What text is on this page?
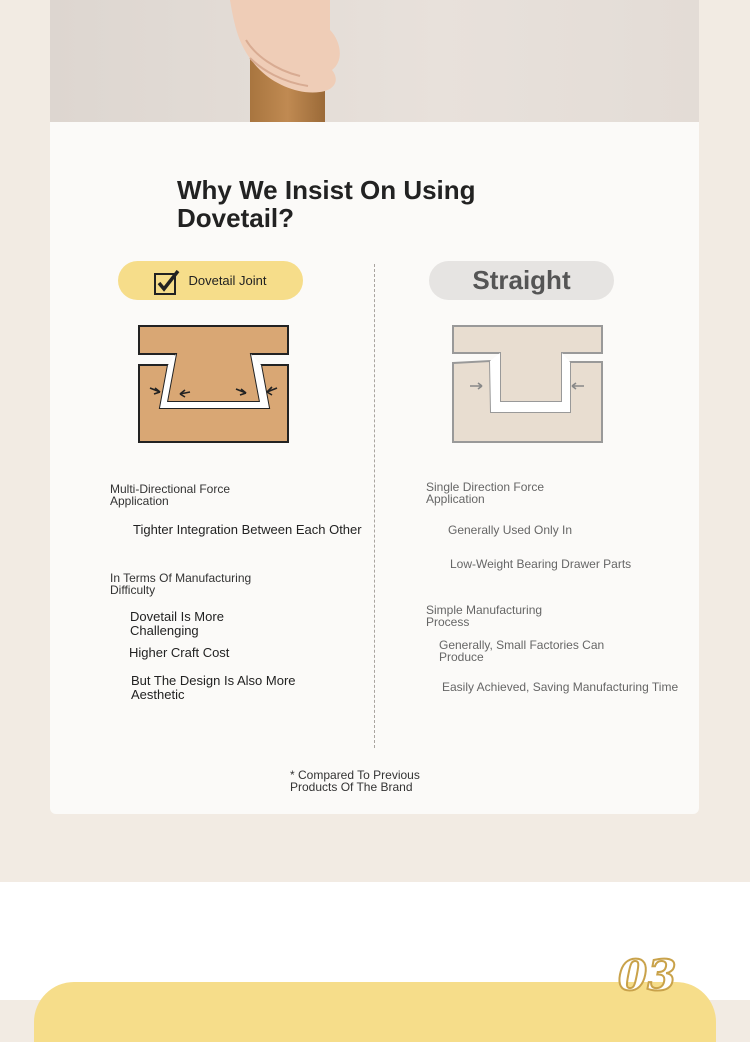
Why We Insist On Using Dovetail?
Dovetail Joint	Straight

Multi-Directional Force Application

Tighter Integration Between Each Other

In Terms Of Manufacturing Difficulty

Dovetail Is More Challenging

Higher Craft Cost

But The Design Is Also More Aesthetic

Single Direction Force Application

Generally Used Only In

Low-Weight Bearing Drawer Parts

Simple Manufacturing Process

Generally, Small Factories Can Produce

Easily Achieved, Saving Manufacturing Time

* Compared To Previous Products Of The Brand

03
